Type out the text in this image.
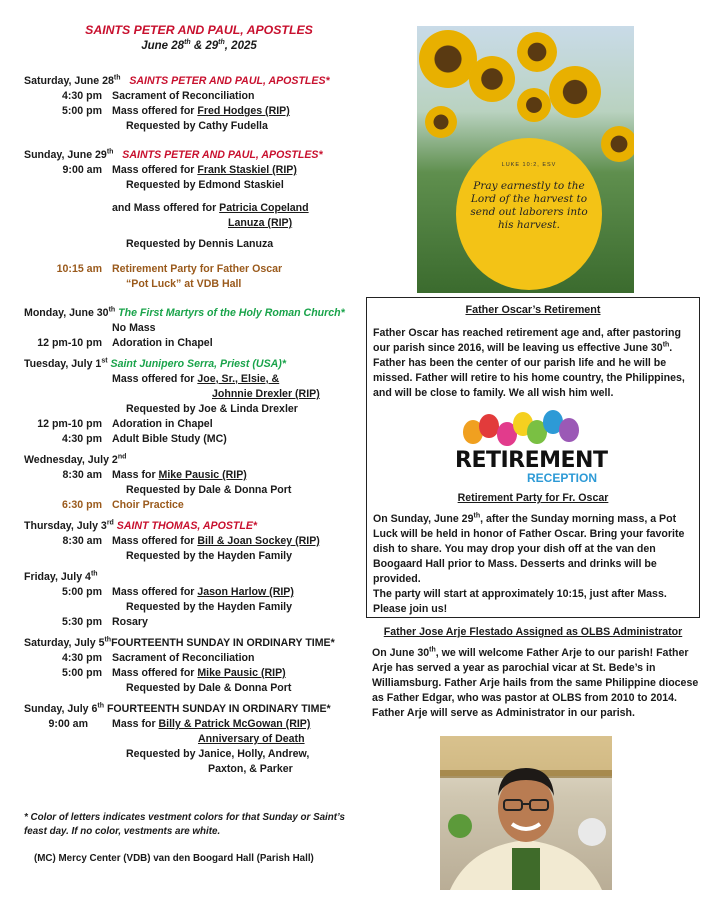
SAINTS PETER AND PAUL, APOSTLES
June 28th & 29th, 2025
Saturday, June 28th SAINTS PETER AND PAUL, APOSTLES*
4:30 pm Sacrament of Reconciliation
5:00 pm Mass offered for Fred Hodges (RIP)
Requested by Cathy Fudella
Sunday, June 29th SAINTS PETER AND PAUL, APOSTLES*
9:00 am Mass offered for Frank Staskiel (RIP)
Requested by Edmond Staskiel
and Mass offered for Patricia Copeland
Lanuza (RIP)
Requested by Dennis Lanuza
10:15 am Retirement Party for Father Oscar
“Pot Luck” at VDB Hall
Monday, June 30th The First Martyrs of the Holy Roman Church*
No Mass
12 pm-10 pm Adoration in Chapel
Tuesday, July 1st Saint Junipero Serra, Priest (USA)*
Mass offered for Joe, Sr., Elsie, &
Johnnie Drexler (RIP)
Requested by Joe & Linda Drexler
12 pm-10 pm Adoration in Chapel
4:30 pm Adult Bible Study (MC)
Wednesday, July 2nd
8:30 am Mass for Mike Pausic (RIP)
Requested by Dale & Donna Port
6:30 pm Choir Practice
Thursday, July 3rd SAINT THOMAS, APOSTLE*
8:30 am Mass offered for Bill & Joan Sockey (RIP)
Requested by the Hayden Family
Friday, July 4th
5:00 pm Mass offered for Jason Harlow (RIP)
Requested by the Hayden Family
5:30 pm Rosary
Saturday, July 5thFOURTEENTH SUNDAY IN ORDINARY TIME*
4:30 pm Sacrament of Reconciliation
5:00 pm Mass offered for Mike Pausic (RIP)
Requested by Dale & Donna Port
Sunday, July 6th FOURTEENTH SUNDAY IN ORDINARY TIME*
9:00 am	Mass for Billy & Patrick McGowan (RIP)
Anniversary of Death
Requested by Janice, Holly, Andrew,
Paxton, & Parker
* Color of letters indicates vestment colors for that Sunday or Saint’s feast day. If no color, vestments are white.
(MC) Mercy Center (VDB) van den Boogard Hall (Parish Hall)
LUKE 10:2, ESV
Pray earnestly to the Lord of the harvest to send out laborers into his harvest.
Father Oscar’s Retirement
Father Oscar has reached retirement age and, after pastoring our parish since 2016, will be leaving us effective June 30th. Father has been the center of our parish life and he will be missed. Father will retire to his home country, the Philippines, and will be close to family. We all wish him well.
RETIREMENT
RECEPTION
Retirement Party for Fr. Oscar
On Sunday, June 29th, after the Sunday morning mass, a Pot Luck will be held in honor of Father Oscar. Bring your favorite dish to share. You may drop your dish off at the van den Boogaard Hall prior to Mass. Desserts and drinks will be provided.
The party will start at approximately 10:15, just after Mass. Please join us!
Father Jose Arje Flestado Assigned as OLBS Administrator
On June 30th, we will welcome Father Arje to our parish! Father Arje has served a year as parochial vicar at St. Bede’s in Williamsburg. Father Arje hails from the same Philippine diocese as Father Edgar, who was pastor at OLBS from 2010 to 2014. Father Arje will serve as Administrator in our parish.
